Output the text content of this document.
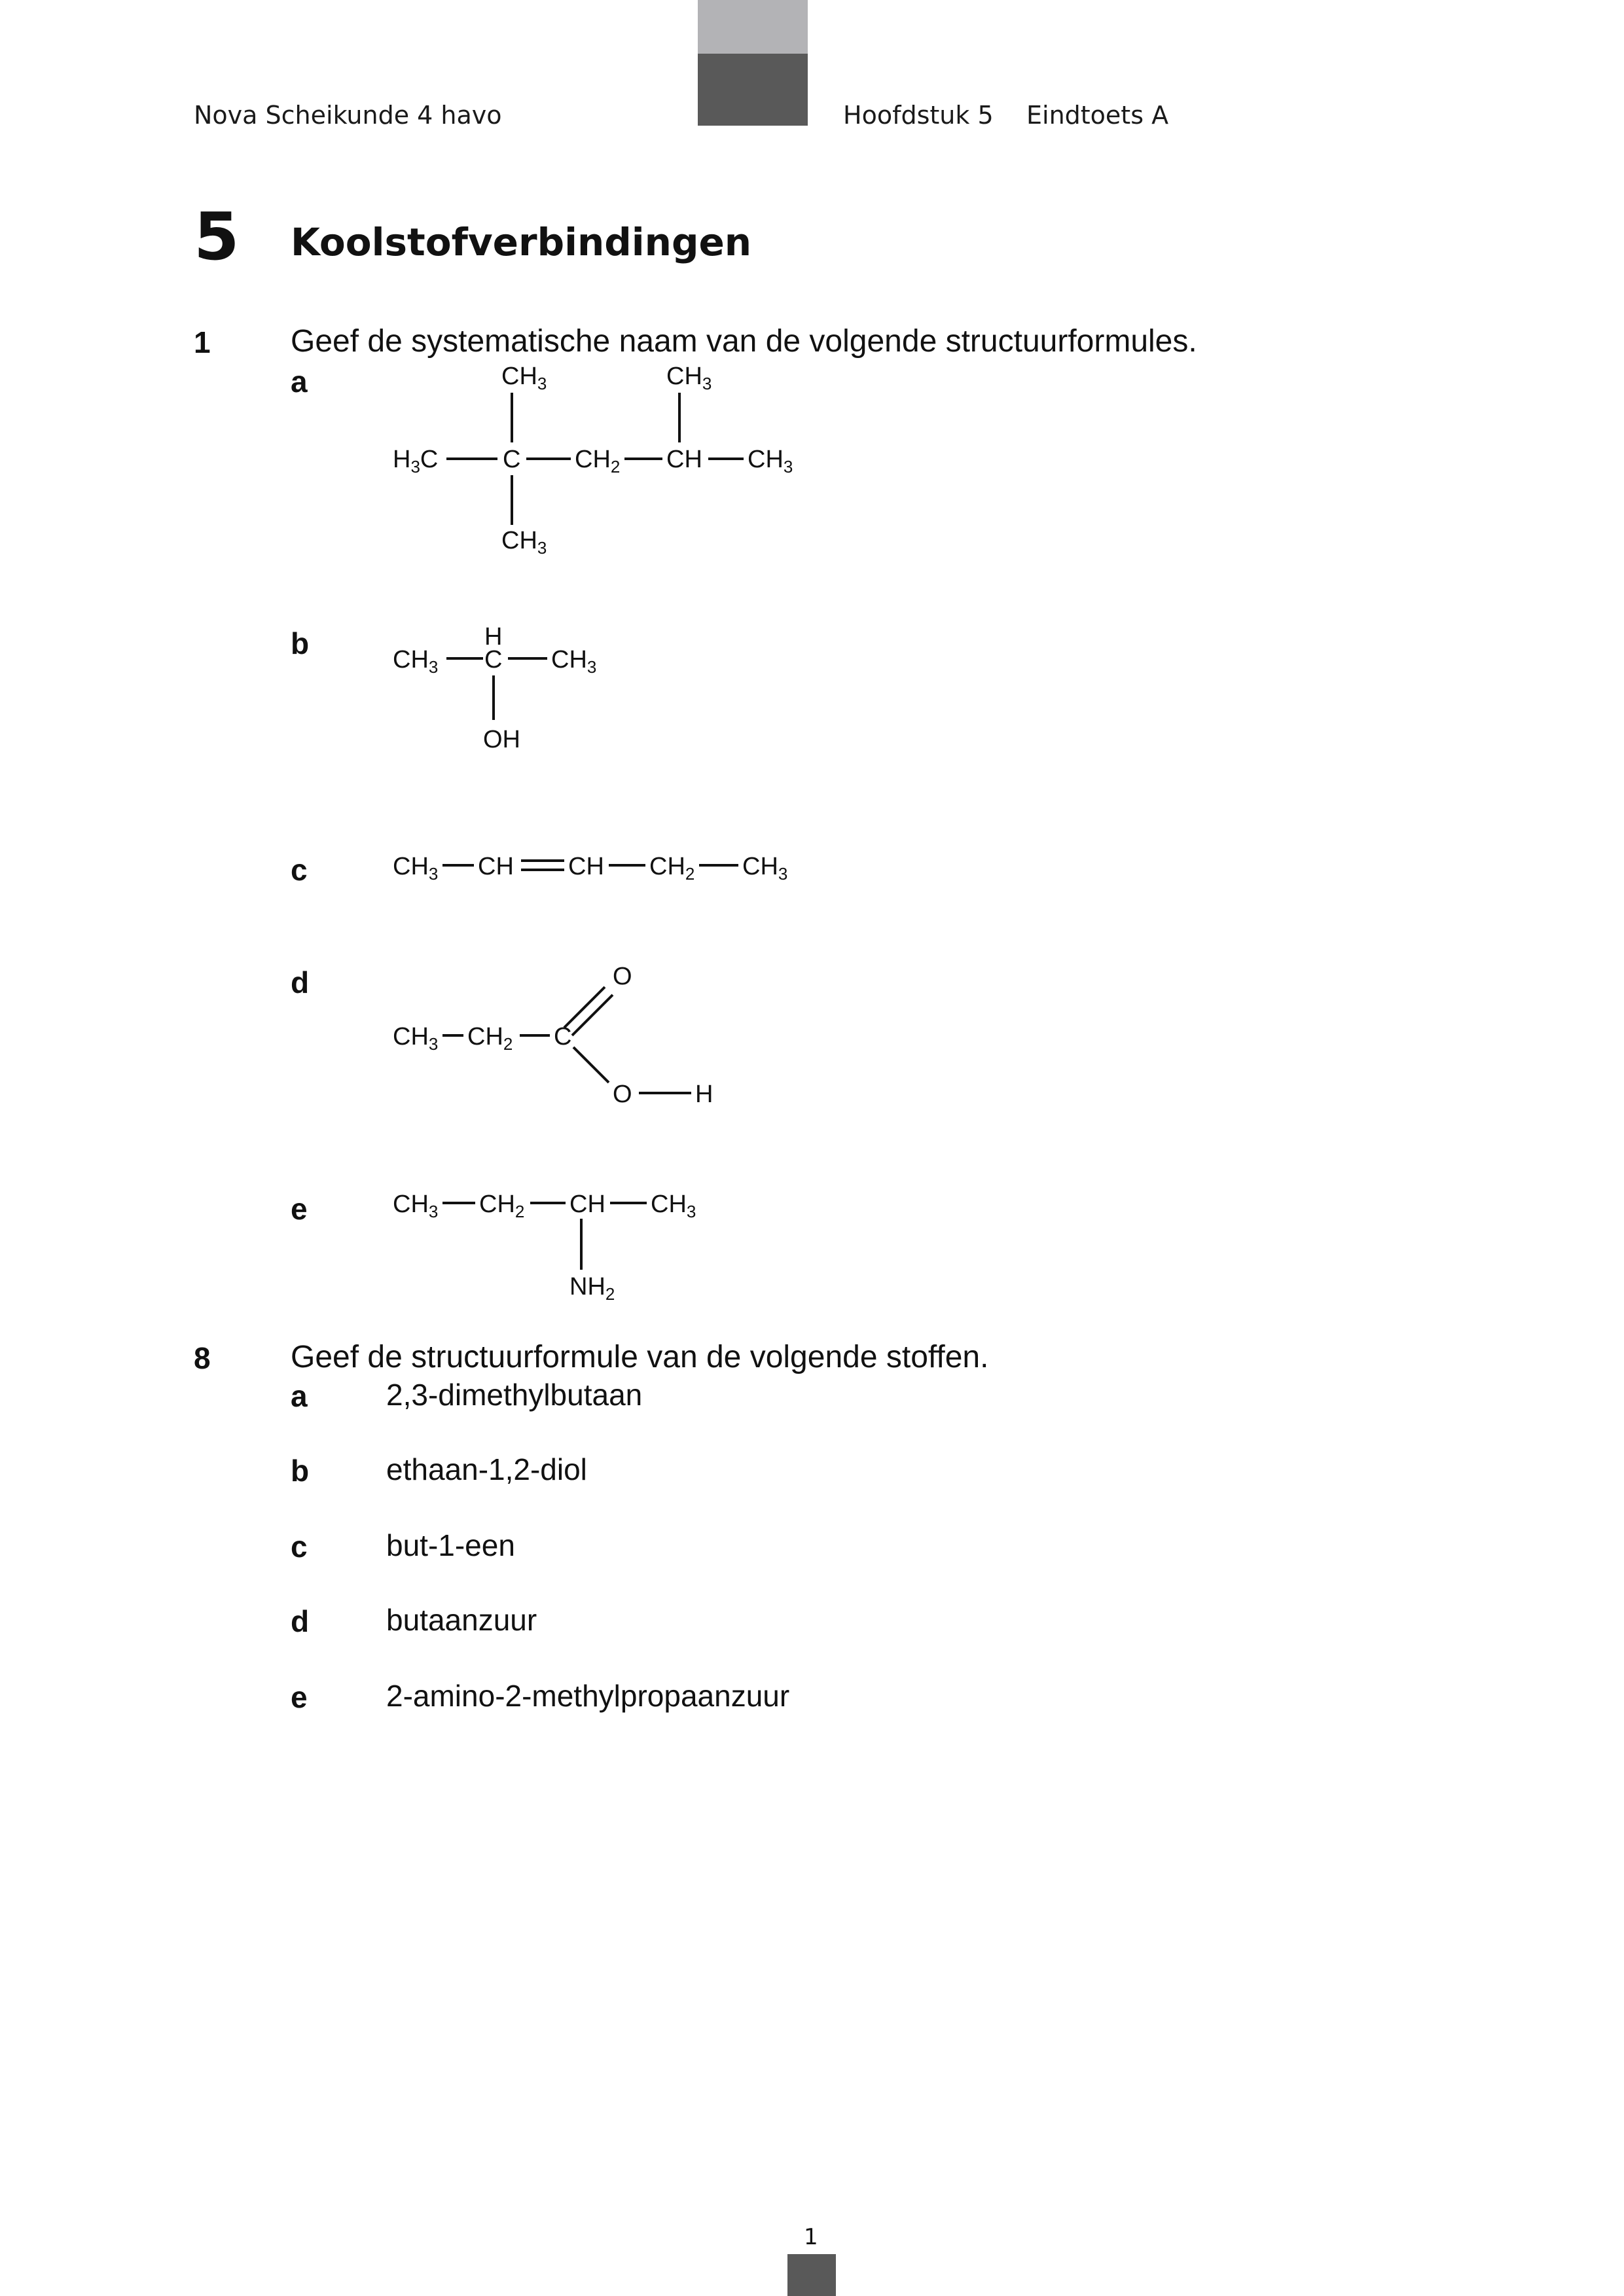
Nova Scheikunde 4 havo	Hoofdstuk 5 Eindtoets A
5 Koolstofverbindingen
1	Geef de systematische naam van de volgende structuurformules.
a
b
c
d
e
$CH_3$	$CH_3$
$H_3C$	C $CH_2$ CH $CH_3$
$CH_3$
H
$CH_3$ C $CH_3$
OH
$CH_3$ CH CH $CH_2$ $CH_3$
O
$CH_3$ $CH_2$ C
O	H
$CH_3$ $CH_2$ CH $CH_3$
$NH_2$
8	Geef de structuurformule van de volgende stoffen.
a	2,3-dimethylbutaan
b	ethaan-1,2-diol
c	but-1-een
d	butaanzuur
e	2-amino-2-methylpropaanzuur
1
